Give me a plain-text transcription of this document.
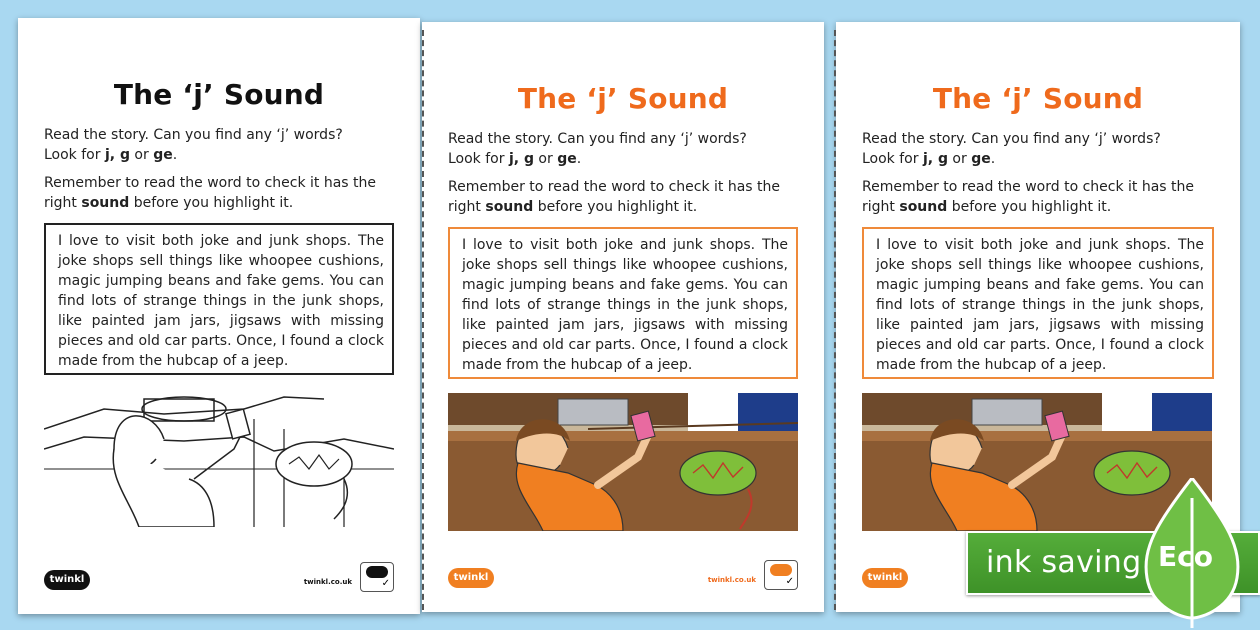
The ‘j’ Sound

Read the story. Can you find any ‘j’ words?
Look for j, g or ge.

Remember to read the word to check it has the right sound before you highlight it.

I love to visit both joke and junk shops. The joke shops sell things like whoopee cushions, magic jumping beans and fake gems. You can find lots of strange things in the junk shops, like painted jam jars, jigsaws with missing pieces and old car parts. Once, I found a clock made from the hubcap of a jeep.
twinkl	twinkl.co.uk	✓
The ‘j’ Sound

Read the story. Can you find any ‘j’ words?
Look for j, g or ge.

Remember to read the word to check it has the right sound before you highlight it.

I love to visit both joke and junk shops. The joke shops sell things like whoopee cushions, magic jumping beans and fake gems. You can find lots of strange things in the junk shops, like painted jam jars, jigsaws with missing pieces and old car parts. Once, I found a clock made from the hubcap of a jeep.
twinkl	twinkl.co.uk	✓
The ‘j’ Sound

Read the story. Can you find any ‘j’ words?
Look for j, g or ge.

Remember to read the word to check it has the right sound before you highlight it.

I love to visit both joke and junk shops. The joke shops sell things like whoopee cushions, magic jumping beans and fake gems. You can find lots of strange things in the junk shops, like painted jam jars, jigsaws with missing pieces and old car parts. Once, I found a clock made from the hubcap of a jeep.
twinkl	ink saving Eco
